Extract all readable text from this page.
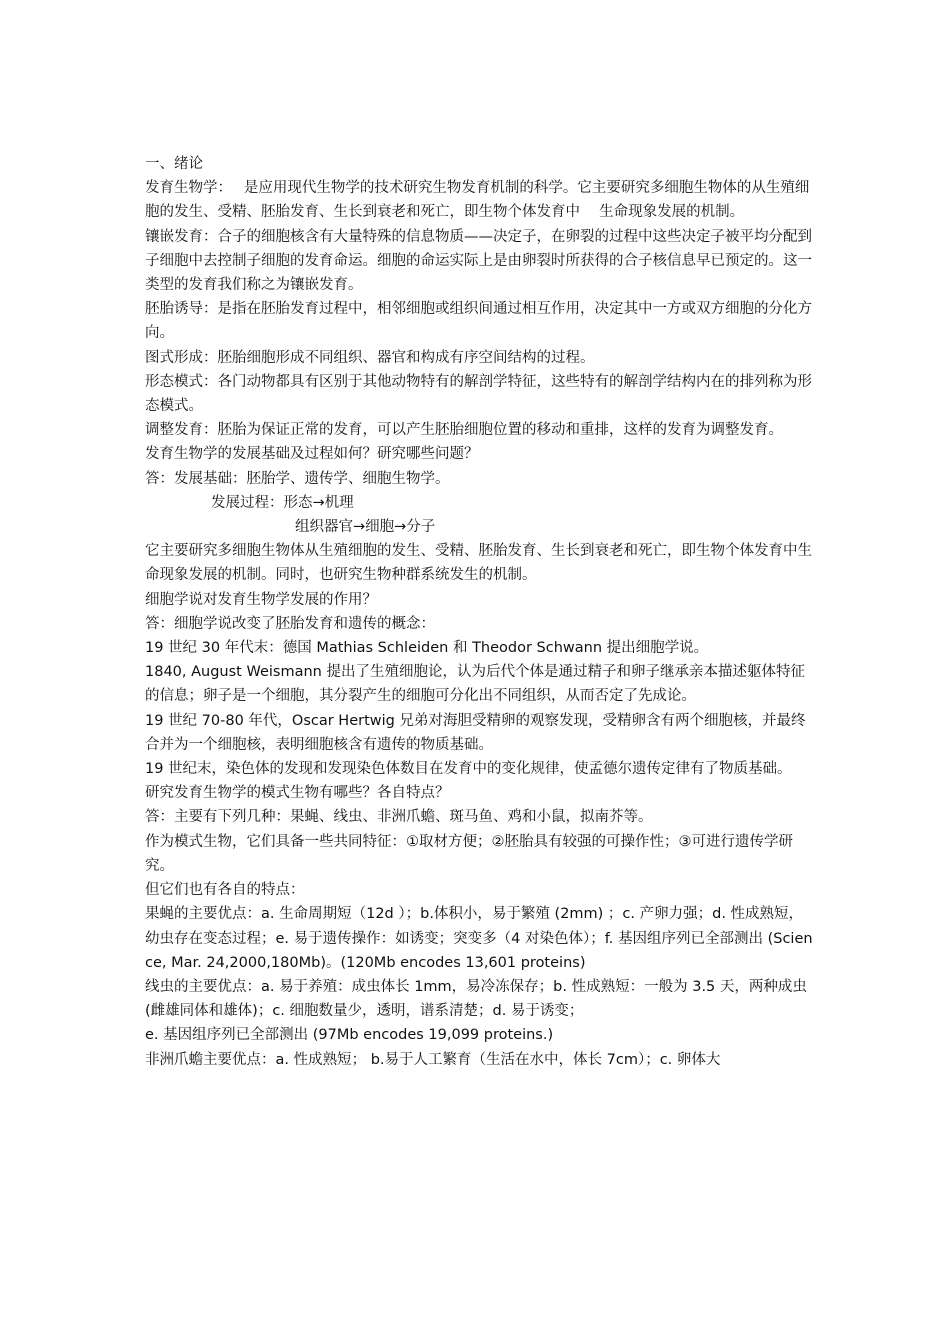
一、绪论

发育生物学：　 是应用现代生物学的技术研究生物发育机制的科学。它主要研究多细胞生物体的从生殖细胞的发生、受精、胚胎发育、生长到衰老和死亡，即生物个体发育中　 生命现象发展的机制。

镶嵌发育：合子的细胞核含有大量特殊的信息物质——决定子，在卵裂的过程中这些决定子被平均分配到子细胞中去控制子细胞的发育命运。细胞的命运实际上是由卵裂时所获得的合子核信息早已预定的。这一类型的发育我们称之为镶嵌发育。

胚胎诱导：是指在胚胎发育过程中，相邻细胞或组织间通过相互作用，决定其中一方或双方细胞的分化方向。

图式形成：胚胎细胞形成不同组织、器官和构成有序空间结构的过程。

形态模式：各门动物都具有区别于其他动物特有的解剖学特征，这些特有的解剖学结构内在的排列称为形态模式。

调整发育：胚胎为保证正常的发育，可以产生胚胎细胞位置的移动和重排，这样的发育为调整发育。

发育生物学的发展基础及过程如何？研究哪些问题？

答：发展基础：胚胎学、遗传学、细胞生物学。

发展过程：形态→机理

组织器官→细胞→分子

它主要研究多细胞生物体从生殖细胞的发生、受精、胚胎发育、生长到衰老和死亡，即生物个体发育中生命现象发展的机制。同时，也研究生物种群系统发生的机制。

细胞学说对发育生物学发展的作用？

答：细胞学说改变了胚胎发育和遗传的概念：

19 世纪 30 年代末：德国 Mathias Schleiden 和 Theodor Schwann 提出细胞学说。

1840, August Weismann 提出了生殖细胞论，认为后代个体是通过精子和卵子继承亲本描述躯体特征的信息；卵子是一个细胞，其分裂产生的细胞可分化出不同组织，从而否定了先成论。

19 世纪 70-80 年代，Oscar Hertwig 兄弟对海胆受精卵的观察发现，受精卵含有两个细胞核，并最终合并为一个细胞核，表明细胞核含有遗传的物质基础。

19 世纪末，染色体的发现和发现染色体数目在发育中的变化规律，使孟德尔遗传定律有了物质基础。

研究发育生物学的模式生物有哪些？各自特点？

答：主要有下列几种：果蝇、线虫、非洲爪蟾、斑马鱼、鸡和小鼠，拟南芥等。

作为模式生物，它们具备一些共同特征：①取材方便；②胚胎具有较强的可操作性；③可进行遗传学研究。

但它们也有各自的特点：

果蝇的主要优点：a. 生命周期短（12d ）；b.体积小，易于繁殖 (2mm) ；c. 产卵力强；d. 性成熟短，幼虫存在变态过程；e. 易于遗传操作：如诱变；突变多（4 对染色体）；f. 基因组序列已全部测出 (Science, Mar. 24,2000,180Mb)。(120Mb encodes 13,601 proteins)

线虫的主要优点：a. 易于养殖：成虫体长 1mm，易冷冻保存；b. 性成熟短：一般为 3.5 天，两种成虫(雌雄同体和雄体)；c. 细胞数量少，透明，谱系清楚；d. 易于诱变；

e. 基因组序列已全部测出 (97Mb encodes 19,099 proteins.)

非洲爪蟾主要优点：a. 性成熟短； b.易于人工繁育（生活在水中，体长 7cm）；c. 卵体大
